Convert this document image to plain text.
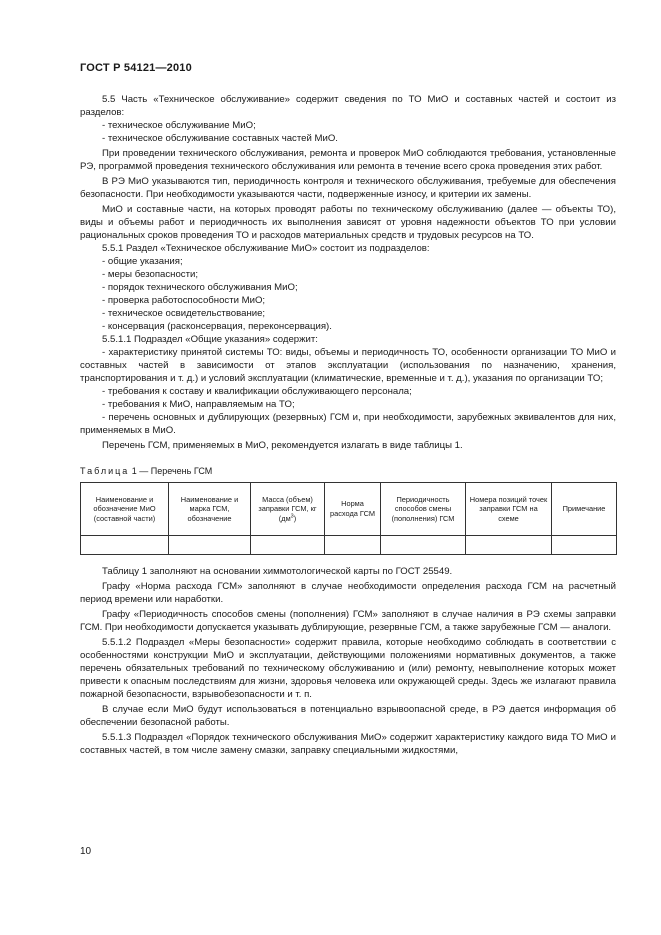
ГОСТ Р 54121—2010

5.5 Часть «Техническое обслуживание» содержит сведения по ТО МиО и составных частей и состоит из разделов:

- техническое обслуживание МиО;

- техническое обслуживание составных частей МиО.

При проведении технического обслуживания, ремонта и проверок МиО соблюдаются требования, установленные РЭ, программой проведения технического обслуживания или ремонта в течение всего срока проведения этих работ.

В РЭ МиО указываются тип, периодичность контроля и технического обслуживания, требуемые для обеспечения безопасности. При необходимости указываются части, подверженные износу, и критерии их замены.

МиО и составные части, на которых проводят работы по техническому обслуживанию (далее — объекты ТО), виды и объемы работ и периодичность их выполнения зависят от уровня надежности объектов ТО при условии рациональных сроков проведения ТО и расходов материальных средств и трудовых ресурсов на ТО.

5.5.1 Раздел «Техническое обслуживание МиО» состоит из подразделов:

- общие указания;

- меры безопасности;

- порядок технического обслуживания МиО;

- проверка работоспособности МиО;

- техническое освидетельствование;

- консервация (расконсервация, переконсервация).

5.5.1.1 Подраздел «Общие указания» содержит:

- характеристику принятой системы ТО: виды, объемы и периодичность ТО, особенности организации ТО МиО и составных частей в зависимости от этапов эксплуатации (использования по назначению, хранения, транспортирования и т. д.) и условий эксплуатации (климатические, временные и т. д.), указания по организации ТО;

- требования к составу и квалификации обслуживающего персонала;

- требования к МиО, направляемым на ТО;

- перечень основных и дублирующих (резервных) ГСМ и, при необходимости, зарубежных эквивалентов для них, применяемых в МиО.

Перечень ГСМ, применяемых в МиО, рекомендуется излагать в виде таблицы 1.

Таблица 1 — Перечень ГСМ

Наименование и обозначение МиО (составной части)	Наименование и марка ГСМ, обозначение	Масса (объем) заправки ГСМ, кг $(дм^3)$	Норма расхода ГСМ	Периодичность способов смены (пополнения) ГСМ	Номера позиций точек заправки ГСМ на схеме	Примечание

Таблицу 1 заполняют на основании химмотологической карты по ГОСТ 25549.

Графу «Норма расхода ГСМ» заполняют в случае необходимости определения расхода ГСМ на расчетный период времени или наработки.

Графу «Периодичность способов смены (пополнения) ГСМ» заполняют в случае наличия в РЭ схемы заправки ГСМ. При необходимости допускается указывать дублирующие, резервные ГСМ, а также зарубежные ГСМ — аналоги.

5.5.1.2 Подраздел «Меры безопасности» содержит правила, которые необходимо соблюдать в соответствии с особенностями конструкции МиО и эксплуатации, действующими положениями нормативных документов, а также перечень обязательных требований по техническому обслуживанию и (или) ремонту, невыполнение которых может привести к опасным последствиям для жизни, здоровья человека или окружающей среды. Здесь же излагают правила пожарной безопасности, взрывобезопасности и т. п.

В случае если МиО будут использоваться в потенциально взрывоопасной среде, в РЭ дается информация об обеспечении безопасной работы.

5.5.1.3 Подраздел «Порядок технического обслуживания МиО» содержит характеристику каждого вида ТО МиО и составных частей, в том числе замену смазки, заправку специальными жидкостями,

10
